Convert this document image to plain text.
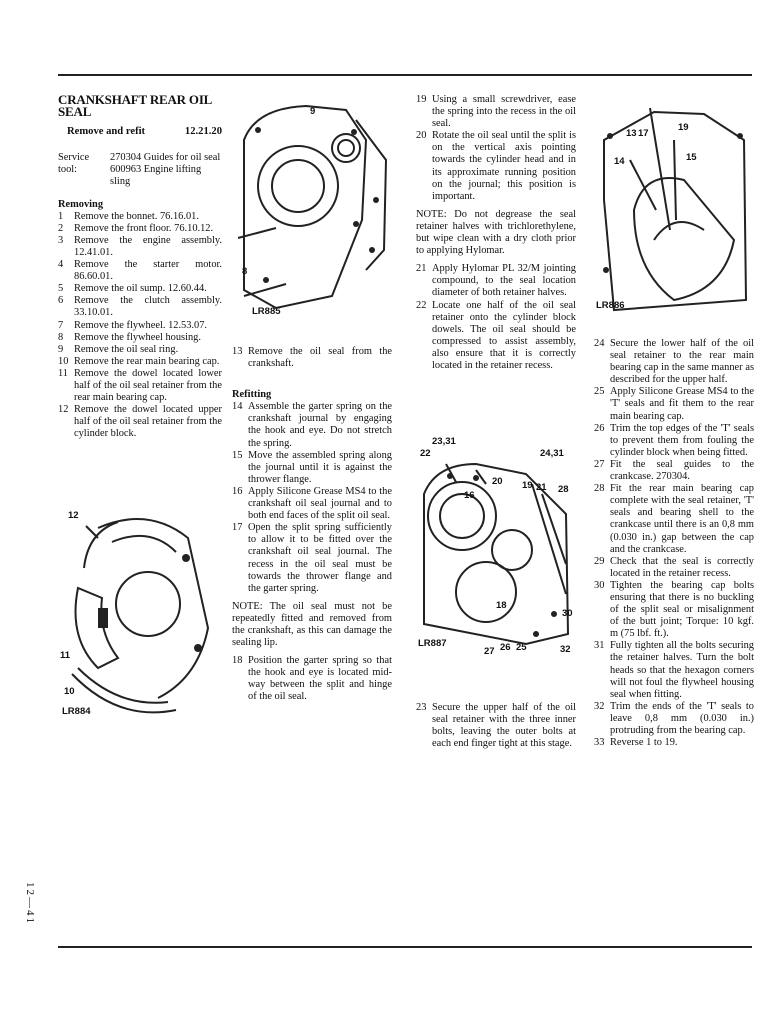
CRANKSHAFT REAR OIL SEAL
Remove and refit	12.21.20
Service tool:
270304 Guides for oil seal
600963 Engine lifting sling
Removing
1	Remove the bonnet. 76.16.01.
2	Remove the front floor. 76.10.12.
3	Remove the engine assembly. 12.41.01.
4	Remove the starter motor. 86.60.01.
5	Remove the oil sump. 12.60.44.
6	Remove the clutch assembly. 33.10.01.
7	Remove the flywheel. 12.53.07.
8	Remove the flywheel housing.
9	Remove the oil seal ring.
10 Remove the rear main bearing cap.
11 Remove the dowel located lower half of the oil seal retainer from the rear main bearing cap.
12 Remove the dowel located upper half of the oil seal retainer from the cylinder block.
13 Remove the oil seal from the crankshaft.
Refitting
14 Assemble the garter spring on the crankshaft journal by engaging the hook and eye. Do not stretch the spring.
15 Move the assembled spring along the journal until it is against the thrower flange.
16 Apply Silicone Grease MS4 to the crankshaft oil seal journal and to both end faces of the split oil seal.
17 Open the split spring sufficiently to allow it to be fitted over the crankshaft oil seal journal. The recess in the oil seal must be towards the thrower flange and the garter spring.

NOTE: The oil seal must not be repeatedly fitted and removed from the crankshaft, as this can damage the sealing lip.

18 Position the garter spring so that the hook and eye is located mid-way between the split and hinge of the oil seal.
19 Using a small screwdriver, ease the spring into the recess in the oil seal.
20 Rotate the oil seal until the split is on the vertical axis pointing towards the cylinder head and in its approximate running position on the journal; this position is important.

NOTE: Do not degrease the seal retainer halves with trichlorethylene, but wipe clean with a dry cloth prior to applying Hylomar.

21 Apply Hylomar PL 32/M jointing compound, to the seal location diameter of both retainer halves.
22 Locate one half of the oil seal retainer onto the cylinder block dowels. The oil seal should be compressed to assist assembly, also ensure that it is correctly located in the retainer recess.
23 Secure the upper half of the oil seal retainer with the three inner bolts, leaving the outer bolts at each end finger tight at this stage.
24 Secure the lower half of the oil seal retainer to the rear main bearing cap in the same manner as described for the upper half.
25 Apply Silicone Grease MS4 to the 'T' seals and fit them to the rear main bearing cap.
26 Trim the top edges of the 'T' seals to prevent them from fouling the cylinder block when being fitted.
27 Fit the seal guides to the crankcase. 270304.
28 Fit the rear main bearing cap complete with the seal retainer, 'T' seals and bearing shell to the crankcase until there is an 0,8 mm (0.030 in.) gap between the cap and the crankcase.
29 Check that the seal is correctly located in the retainer recess.
30 Tighten the bearing cap bolts ensuring that there is no buckling of the split seal or misalignment of the butt joint; Torque: 10 kgf. m (75 lbf. ft.).
31 Fully tighten all the bolts securing the retainer halves. Turn the bolt heads so that the hexagon corners will not foul the flywheel housing seal when fitting.
32 Trim the ends of the 'T' seals to leave 0,8 mm (0.030 in.) protruding from the bearing cap.
33 Reverse 1 to 19.
9
8
LR885
12
11
10
LR884
23,31
22
16
20 19 21
24,31
28
18
30
27 26 25	32
LR887
13 17
19
14	15
LR886
12—41
